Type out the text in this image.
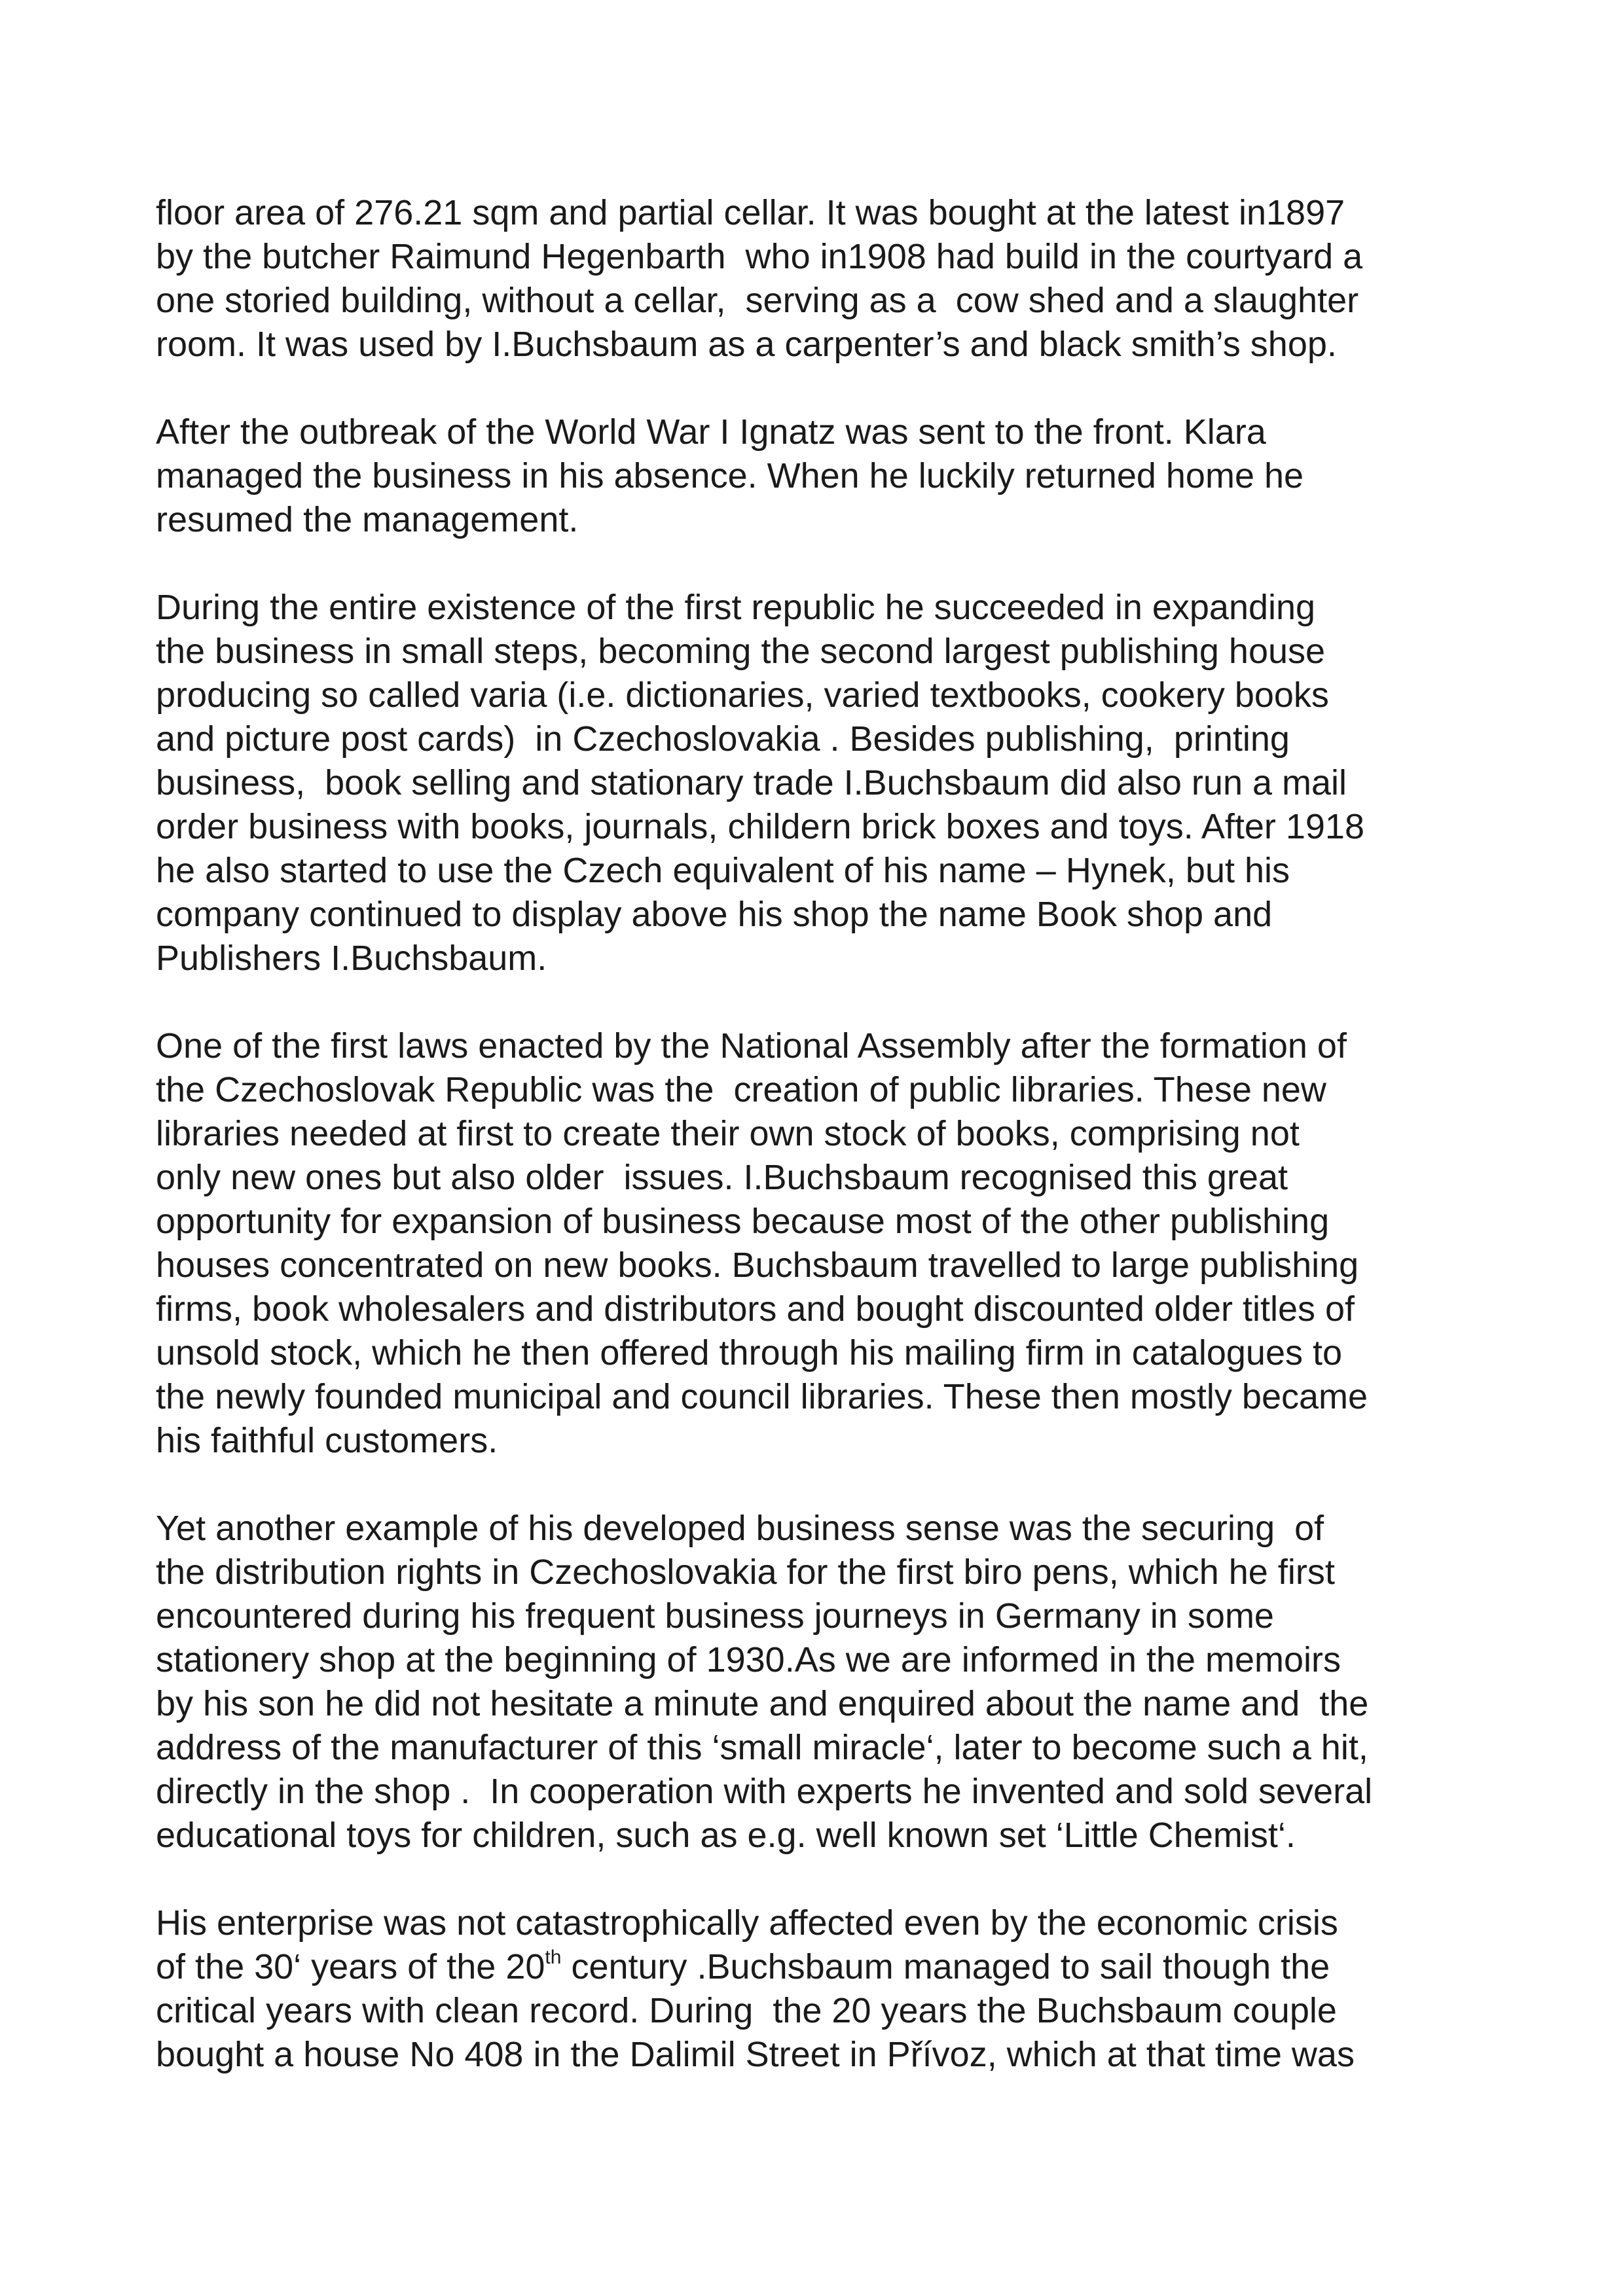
floor area of 276.21 sqm and partial cellar. It was bought at the latest in1897
by the butcher Raimund Hegenbarth  who in1908 had build in the courtyard a
one storied building, without a cellar,  serving as a  cow shed and a slaughter
room. It was used by I.Buchsbaum as a carpenter’s and black smith’s shop.

After the outbreak of the World War I Ignatz was sent to the front. Klara
managed the business in his absence. When he luckily returned home he
resumed the management.

During the entire existence of the first republic he succeeded in expanding
the business in small steps, becoming the second largest publishing house
producing so called varia (i.e. dictionaries, varied textbooks, cookery books
and picture post cards)  in Czechoslovakia . Besides publishing,  printing
business,  book selling and stationary trade I.Buchsbaum did also run a mail
order business with books, journals, childern brick boxes and toys. After 1918
he also started to use the Czech equivalent of his name – Hynek, but his
company continued to display above his shop the name Book shop and
Publishers I.Buchsbaum.

One of the first laws enacted by the National Assembly after the formation of
the Czechoslovak Republic was the  creation of public libraries. These new
libraries needed at first to create their own stock of books, comprising not
only new ones but also older  issues. I.Buchsbaum recognised this great
opportunity for expansion of business because most of the other publishing
houses concentrated on new books. Buchsbaum travelled to large publishing
firms, book wholesalers and distributors and bought discounted older titles of
unsold stock, which he then offered through his mailing firm in catalogues to
the newly founded municipal and council libraries. These then mostly became
his faithful customers.

Yet another example of his developed business sense was the securing  of
the distribution rights in Czechoslovakia for the first biro pens, which he first
encountered during his frequent business journeys in Germany in some
stationery shop at the beginning of 1930.As we are informed in the memoirs
by his son he did not hesitate a minute and enquired about the name and  the
address of the manufacturer of this ‘small miracle‘, later to become such a hit,
directly in the shop .  In cooperation with experts he invented and sold several
educational toys for children, such as e.g. well known set ‘Little Chemist‘.

His enterprise was not catastrophically affected even by the economic crisis
of the 30‘ years of the 20th century .Buchsbaum managed to sail though the
critical years with clean record. During  the 20 years the Buchsbaum couple
bought a house No 408 in the Dalimil Street in Přívoz, which at that time was
